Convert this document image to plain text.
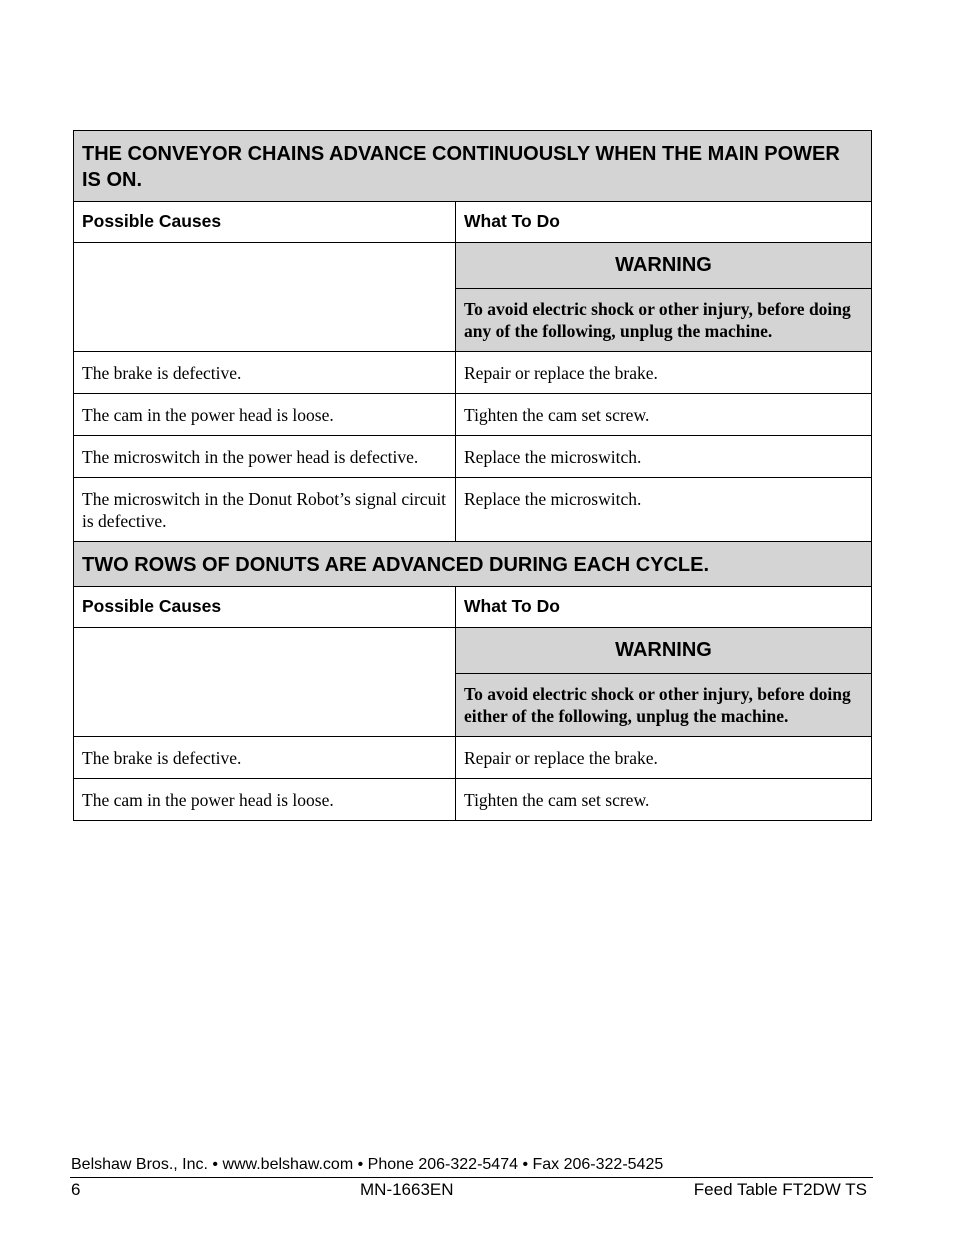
THE CONVEYOR CHAINS ADVANCE CONTINUOUSLY WHEN THE MAIN POWER IS ON.	
Possible Causes	What To Do

	WARNING
To avoid electric shock or other injury, before doing any of the following, unplug the machine.

The brake is defective.	Repair or replace the brake.
The cam in the power head is loose.	Tighten the cam set screw.
The microswitch in the power head is defective.	Replace the microswitch.
The microswitch in the Donut Robot’s signal circuit is defective.	Replace the microswitch.
TWO ROWS OF DONUTS ARE ADVANCED DURING EACH CYCLE.	
Possible Causes	What To Do

	WARNING
To avoid electric shock or other injury, before doing either of the following, unplug the machine.

The brake is defective.	Repair or replace the brake.
The cam in the power head is loose.	Tighten the cam set screw.
Belshaw Bros., Inc. • www.belshaw.com • Phone 206-322-5474 • Fax 206-322-5425
6	MN-1663EN	Feed Table FT2DW TS
